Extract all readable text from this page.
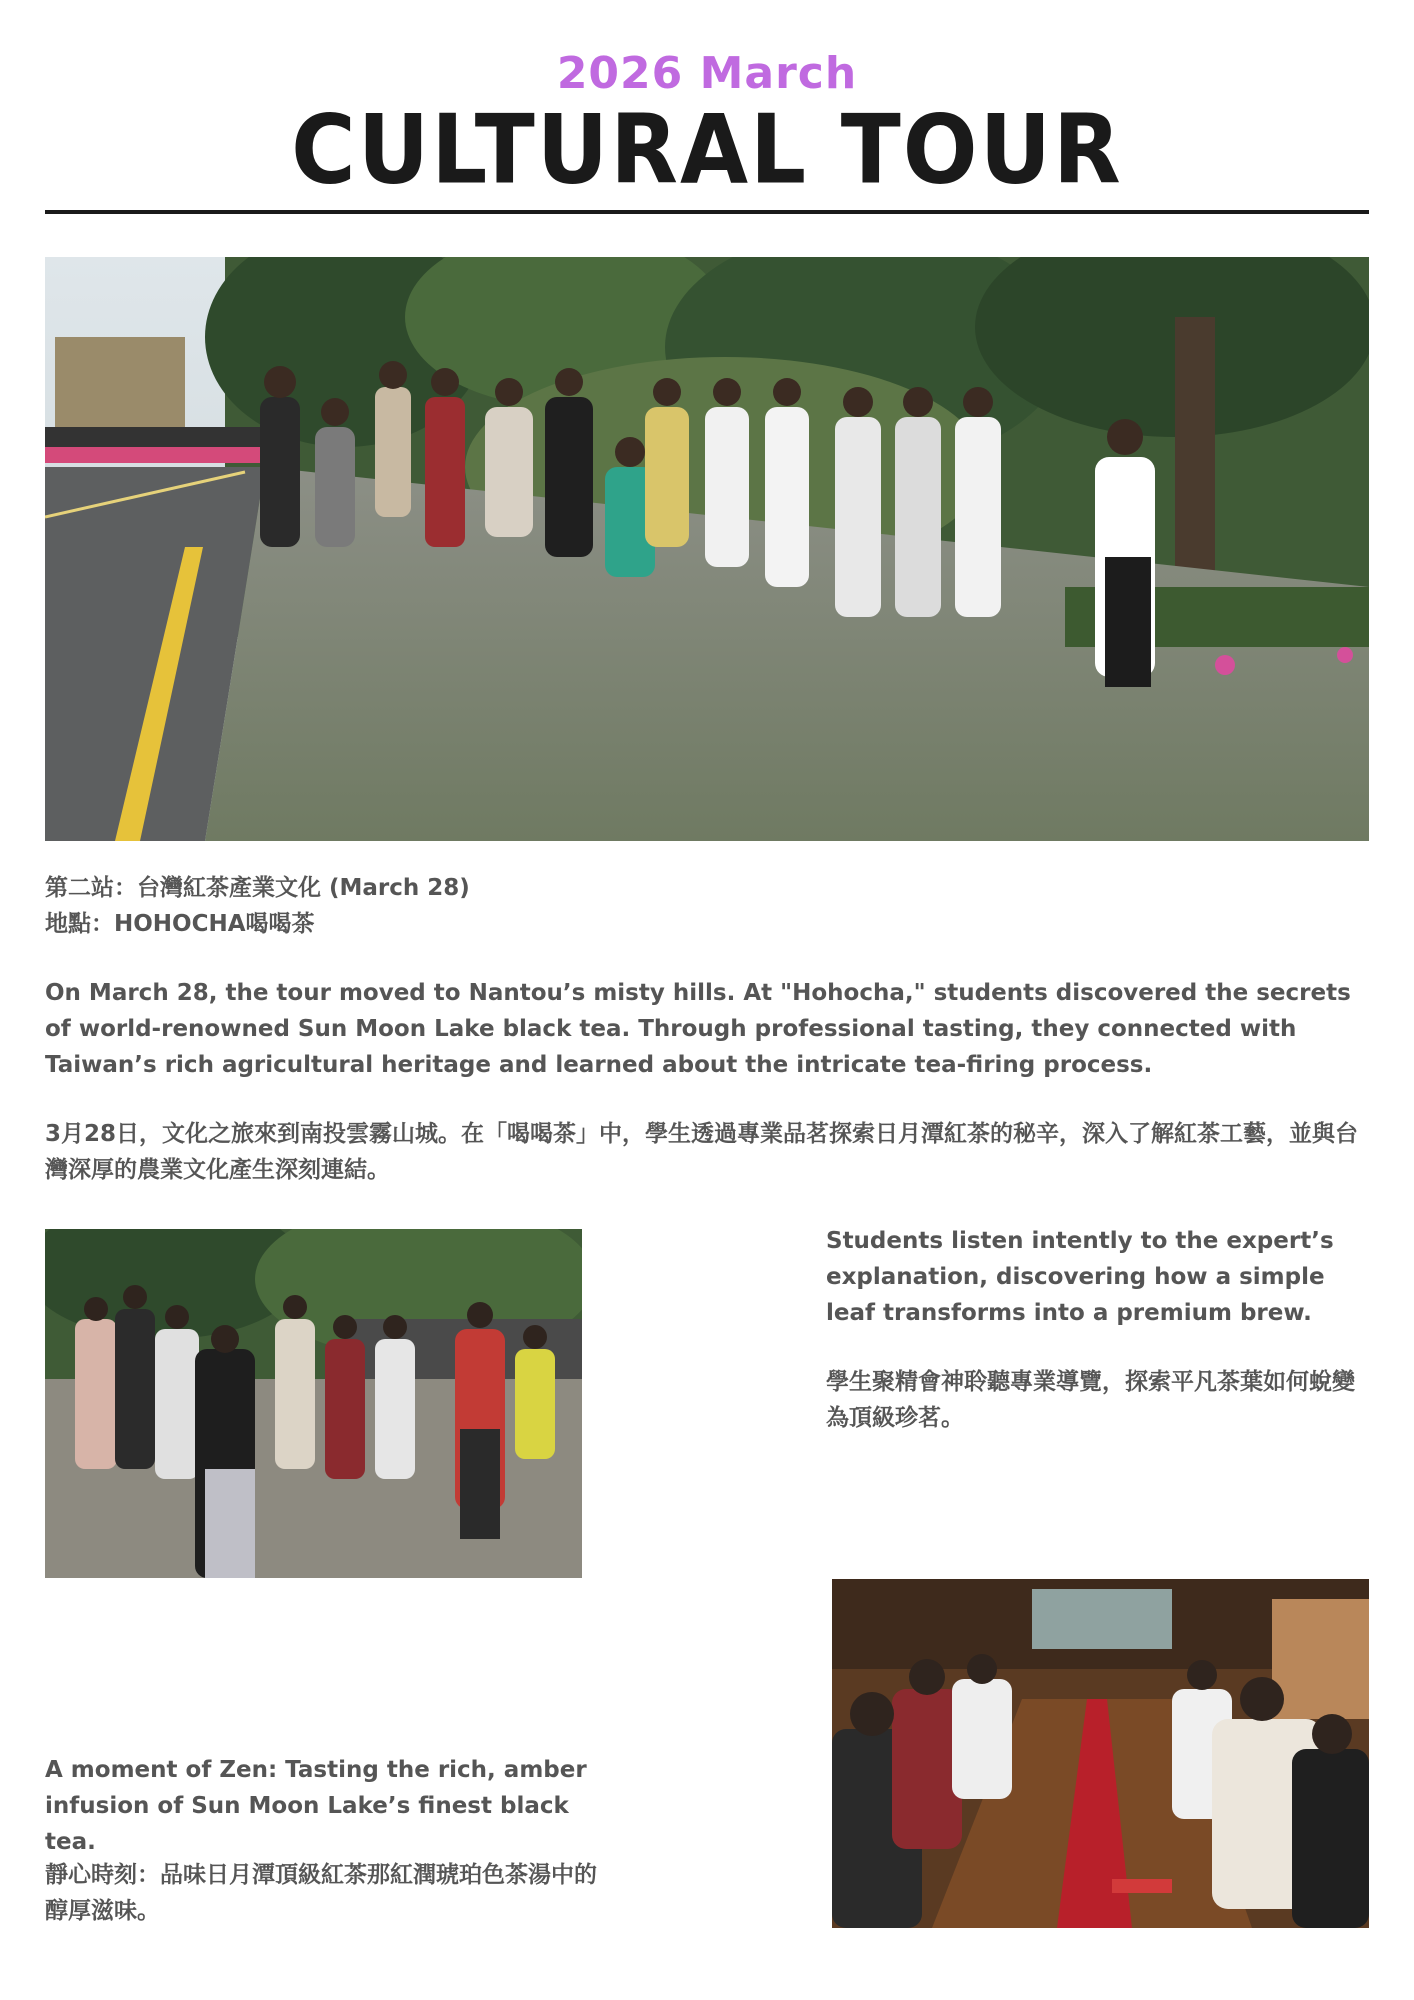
2026 March
CULTURAL TOUR
第二站：台灣紅茶產業文化 (March 28)
地點：HOHOCHA喝喝茶
On March 28, the tour moved to Nantou’s misty hills. At "Hohocha," students discovered the secrets of world-renowned Sun Moon Lake black tea. Through professional tasting, they connected with Taiwan’s rich agricultural heritage and learned about the intricate tea-firing process.
3月28日，文化之旅來到南投雲霧山城。在「喝喝茶」中，學生透過專業品茗探索日月潭紅茶的秘辛，深入了解紅茶工藝，並與台灣深厚的農業文化產生深刻連結。
Students listen intently to the expert’s explanation, discovering how a simple leaf transforms into a premium brew.
學生聚精會神聆聽專業導覽，探索平凡茶葉如何蛻變為頂級珍茗。
A moment of Zen: Tasting the rich, amber infusion of Sun Moon Lake’s finest black tea.
靜心時刻：品味日月潭頂級紅茶那紅潤琥珀色茶湯中的醇厚滋味。
